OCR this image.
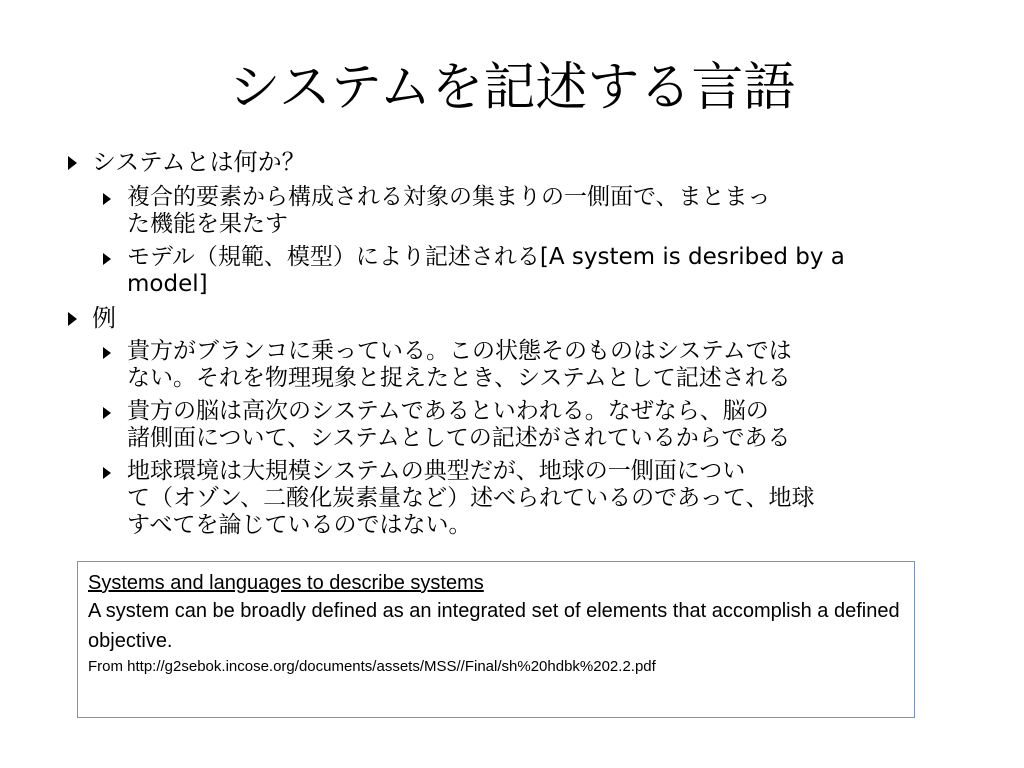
システムを記述する言語
システムとは何か？
複合的要素から構成される対象の集まりの一側面で、まとまっ
た機能を果たす
モデル（規範、模型）により記述される[A system is desribed by a
model]
例
貴方がブランコに乗っている。この状態そのものはシステムでは
ない。それを物理現象と捉えたとき、システムとして記述される
貴方の脳は高次のシステムであるといわれる。なぜなら、脳の
諸側面について、システムとしての記述がされているからである
地球環境は大規模システムの典型だが、地球の一側面につい
て（オゾン、二酸化炭素量など）述べられているのであって、地球
すべてを論じているのではない。
Systems and languages to describe systems
A system can be broadly defined as an integrated set of elements that accomplish a defined objective.
From http://g2sebok.incose.org/documents/assets/MSS//Final/sh%20hdbk%202.2.pdf
